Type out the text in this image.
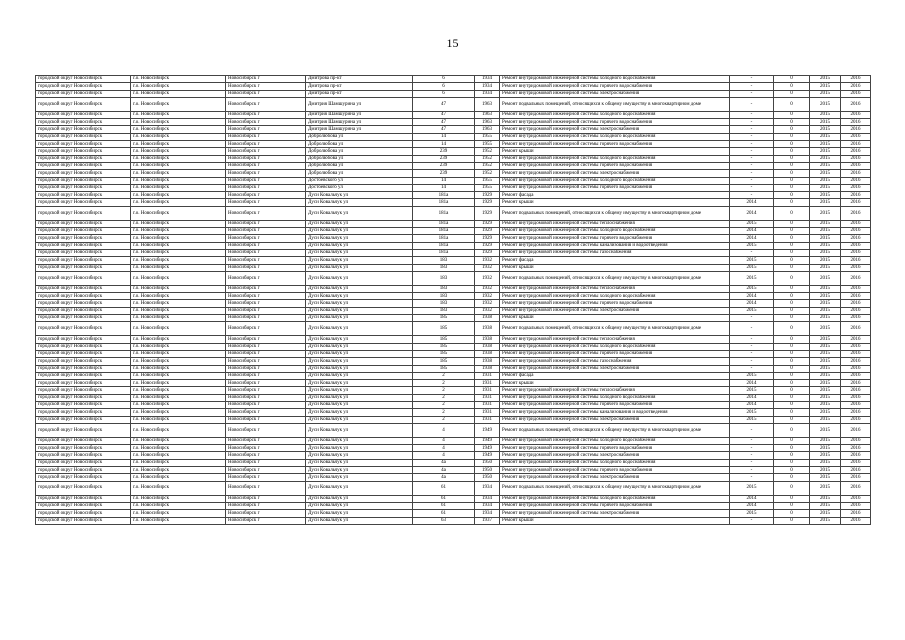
15
городской округ Новосибирск	г.о. Новосибирск	Новосибирск г	Дмитрова пр-кт	6	1934	Ремонт внутридомовой инженерной системы холодного водоснабжения	-	0	2015	2016
городской округ Новосибирск	г.о. Новосибирск	Новосибирск г	Дмитрова пр-кт	6	1934	Ремонт внутридомовой инженерной системы горячего водоснабжения	-	0	2015	2016
городской округ Новосибирск	г.о. Новосибирск	Новосибирск г	Дмитрова пр-кт	6	1934	Ремонт внутридомовой инженерной системы электроснабжения	-	0	2015	2016
городской округ Новосибирск	г.о. Новосибирск	Новосибирск г	Дмитрия Шамшурина ул	47	1963	Ремонт подвальных помещений, относящихся к общему имуществу в многоквартирном доме	-	0	2015	2016
городской округ Новосибирск	г.о. Новосибирск	Новосибирск г	Дмитрия Шамшурина ул	47	1963	Ремонт внутридомовой инженерной системы холодного водоснабжения	-	0	2015	2016
городской округ Новосибирск	г.о. Новосибирск	Новосибирск г	Дмитрия Шамшурина ул	47	1963	Ремонт внутридомовой инженерной системы горячего водоснабжения	-	0	2015	2016
городской округ Новосибирск	г.о. Новосибирск	Новосибирск г	Дмитрия Шамшурина ул	47	1963	Ремонт внутридомовой инженерной системы электроснабжения	-	0	2015	2016
городской округ Новосибирск	г.о. Новосибирск	Новосибирск г	Добролюбова ул	14	1955	Ремонт внутридомовой инженерной системы холодного водоснабжения	-	0	2015	2016
городской округ Новосибирск	г.о. Новосибирск	Новосибирск г	Добролюбова ул	14	1955	Ремонт внутридомовой инженерной системы горячего водоснабжения	-	0	2015	2016
городской округ Новосибирск	г.о. Новосибирск	Новосибирск г	Добролюбова ул	239	1952	Ремонт крыши	-	0	2015	2016
городской округ Новосибирск	г.о. Новосибирск	Новосибирск г	Добролюбова ул	239	1952	Ремонт внутридомовой инженерной системы холодного водоснабжения	-	0	2015	2016
городской округ Новосибирск	г.о. Новосибирск	Новосибирск г	Добролюбова ул	239	1952	Ремонт внутридомовой инженерной системы горячего водоснабжения	-	0	2015	2016
городской округ Новосибирск	г.о. Новосибирск	Новосибирск г	Добролюбова ул	239	1952	Ремонт внутридомовой инженерной системы электроснабжения	-	0	2015	2016
городской округ Новосибирск	г.о. Новосибирск	Новосибирск г	Достоевского ул	14	1955	Ремонт внутридомовой инженерной системы холодного водоснабжения	-	0	2015	2016
городской округ Новосибирск	г.о. Новосибирск	Новосибирск г	Достоевского ул	14	1955	Ремонт внутридомовой инженерной системы горячего водоснабжения	-	0	2015	2016
городской округ Новосибирск	г.о. Новосибирск	Новосибирск г	Дуси Ковальчук ул	181а	1929	Ремонт фасада	-	0	2015	2016
городской округ Новосибирск	г.о. Новосибирск	Новосибирск г	Дуси Ковальчук ул	181а	1929	Ремонт крыши	2014	0	2015	2016
городской округ Новосибирск	г.о. Новосибирск	Новосибирск г	Дуси Ковальчук ул	181а	1929	Ремонт подвальных помещений, относящихся к общему имуществу в многоквартирном доме	2014	0	2015	2016
городской округ Новосибирск	г.о. Новосибирск	Новосибирск г	Дуси Ковальчук ул	181а	1929	Ремонт внутридомовой инженерной системы теплоснабжения	2015	0	2015	2016
городской округ Новосибирск	г.о. Новосибирск	Новосибирск г	Дуси Ковальчук ул	181а	1929	Ремонт внутридомовой инженерной системы холодного водоснабжения	2014	0	2015	2016
городской округ Новосибирск	г.о. Новосибирск	Новосибирск г	Дуси Ковальчук ул	181а	1929	Ремонт внутридомовой инженерной системы горячего водоснабжения	2014	0	2015	2016
городской округ Новосибирск	г.о. Новосибирск	Новосибирск г	Дуси Ковальчук ул	181а	1929	Ремонт внутридомовой инженерной системы канализования и водоотведения	2015	0	2015	2016
городской округ Новосибирск	г.о. Новосибирск	Новосибирск г	Дуси Ковальчук ул	181а	1929	Ремонт внутридомовой инженерной системы газоснабжения	-	0	2015	2016
городской округ Новосибирск	г.о. Новосибирск	Новосибирск г	Дуси Ковальчук ул	183	1932	Ремонт фасада	2015	0	2015	2016
городской округ Новосибирск	г.о. Новосибирск	Новосибирск г	Дуси Ковальчук ул	183	1932	Ремонт крыши	2015	0	2015	2016
городской округ Новосибирск	г.о. Новосибирск	Новосибирск г	Дуси Ковальчук ул	183	1932	Ремонт подвальных помещений, относящихся к общему имуществу в многоквартирном доме	2015	0	2015	2016
городской округ Новосибирск	г.о. Новосибирск	Новосибирск г	Дуси Ковальчук ул	183	1932	Ремонт внутридомовой инженерной системы теплоснабжения	2015	0	2015	2016
городской округ Новосибирск	г.о. Новосибирск	Новосибирск г	Дуси Ковальчук ул	183	1932	Ремонт внутридомовой инженерной системы холодного водоснабжения	2014	0	2015	2016
городской округ Новосибирск	г.о. Новосибирск	Новосибирск г	Дуси Ковальчук ул	183	1932	Ремонт внутридомовой инженерной системы горячего водоснабжения	2014	0	2015	2016
городской округ Новосибирск	г.о. Новосибирск	Новосибирск г	Дуси Ковальчук ул	183	1932	Ремонт внутридомовой инженерной системы электроснабжения	2015	0	2015	2016
городской округ Новосибирск	г.о. Новосибирск	Новосибирск г	Дуси Ковальчук ул	185	1938	Ремонт крыши	-	0	2015	2016
городской округ Новосибирск	г.о. Новосибирск	Новосибирск г	Дуси Ковальчук ул	185	1938	Ремонт подвальных помещений, относящихся к общему имуществу в многоквартирном доме	-	0	2015	2016
городской округ Новосибирск	г.о. Новосибирск	Новосибирск г	Дуси Ковальчук ул	185	1938	Ремонт внутридомовой инженерной системы теплоснабжения	-	0	2015	2016
городской округ Новосибирск	г.о. Новосибирск	Новосибирск г	Дуси Ковальчук ул	185	1938	Ремонт внутридомовой инженерной системы холодного водоснабжения	-	0	2015	2016
городской округ Новосибирск	г.о. Новосибирск	Новосибирск г	Дуси Ковальчук ул	185	1938	Ремонт внутридомовой инженерной системы горячего водоснабжения	-	0	2015	2016
городской округ Новосибирск	г.о. Новосибирск	Новосибирск г	Дуси Ковальчук ул	185	1938	Ремонт внутридомовой инженерной системы газоснабжения	-	0	2015	2016
городской округ Новосибирск	г.о. Новосибирск	Новосибирск г	Дуси Ковальчук ул	185	1938	Ремонт внутридомовой инженерной системы электроснабжения	-	0	2015	2016
городской округ Новосибирск	г.о. Новосибирск	Новосибирск г	Дуси Ковальчук ул	2	1931	Ремонт фасада	2015	0	2015	2016
городской округ Новосибирск	г.о. Новосибирск	Новосибирск г	Дуси Ковальчук ул	2	1931	Ремонт крыши	2014	0	2015	2016
городской округ Новосибирск	г.о. Новосибирск	Новосибирск г	Дуси Ковальчук ул	2	1931	Ремонт внутридомовой инженерной системы теплоснабжения	2015	0	2015	2016
городской округ Новосибирск	г.о. Новосибирск	Новосибирск г	Дуси Ковальчук ул	2	1931	Ремонт внутридомовой инженерной системы холодного водоснабжения	2014	0	2015	2016
городской округ Новосибирск	г.о. Новосибирск	Новосибирск г	Дуси Ковальчук ул	2	1931	Ремонт внутридомовой инженерной системы горячего водоснабжения	2014	0	2015	2016
городской округ Новосибирск	г.о. Новосибирск	Новосибирск г	Дуси Ковальчук ул	2	1931	Ремонт внутридомовой инженерной системы канализования и водоотведения	2015	0	2015	2016
городской округ Новосибирск	г.о. Новосибирск	Новосибирск г	Дуси Ковальчук ул	2	1931	Ремонт внутридомовой инженерной системы электроснабжения	2015	0	2015	2016
городской округ Новосибирск	г.о. Новосибирск	Новосибирск г	Дуси Ковальчук ул	4	1949	Ремонт подвальных помещений, относящихся к общему имуществу в многоквартирном доме	-	0	2015	2016
городской округ Новосибирск	г.о. Новосибирск	Новосибирск г	Дуси Ковальчук ул	4	1949	Ремонт внутридомовой инженерной системы холодного водоснабжения	-	0	2015	2016
городской округ Новосибирск	г.о. Новосибирск	Новосибирск г	Дуси Ковальчук ул	4	1949	Ремонт внутридомовой инженерной системы горячего водоснабжения	-	0	2015	2016
городской округ Новосибирск	г.о. Новосибирск	Новосибирск г	Дуси Ковальчук ул	4	1949	Ремонт внутридомовой инженерной системы электроснабжения	-	0	2015	2016
городской округ Новосибирск	г.о. Новосибирск	Новосибирск г	Дуси Ковальчук ул	4а	1950	Ремонт внутридомовой инженерной системы холодного водоснабжения	-	0	2015	2016
городской округ Новосибирск	г.о. Новосибирск	Новосибирск г	Дуси Ковальчук ул	4а	1950	Ремонт внутридомовой инженерной системы горячего водоснабжения	-	0	2015	2016
городской округ Новосибирск	г.о. Новосибирск	Новосибирск г	Дуси Ковальчук ул	4а	1950	Ремонт внутридомовой инженерной системы электроснабжения	-	0	2015	2016
городской округ Новосибирск	г.о. Новосибирск	Новосибирск г	Дуси Ковальчук ул	61	1934	Ремонт подвальных помещений, относящихся к общему имуществу в многоквартирном доме	2015	0	2015	2016
городской округ Новосибирск	г.о. Новосибирск	Новосибирск г	Дуси Ковальчук ул	61	1934	Ремонт внутридомовой инженерной системы холодного водоснабжения	2014	0	2015	2016
городской округ Новосибирск	г.о. Новосибирск	Новосибирск г	Дуси Ковальчук ул	61	1934	Ремонт внутридомовой инженерной системы горячего водоснабжения	2014	0	2015	2016
городской округ Новосибирск	г.о. Новосибирск	Новосибирск г	Дуси Ковальчук ул	61	1934	Ремонт внутридомовой инженерной системы электроснабжения	2015	0	2015	2016
городской округ Новосибирск	г.о. Новосибирск	Новосибирск г	Дуси Ковальчук ул	63	1937	Ремонт крыши	-	0	2015	2016
